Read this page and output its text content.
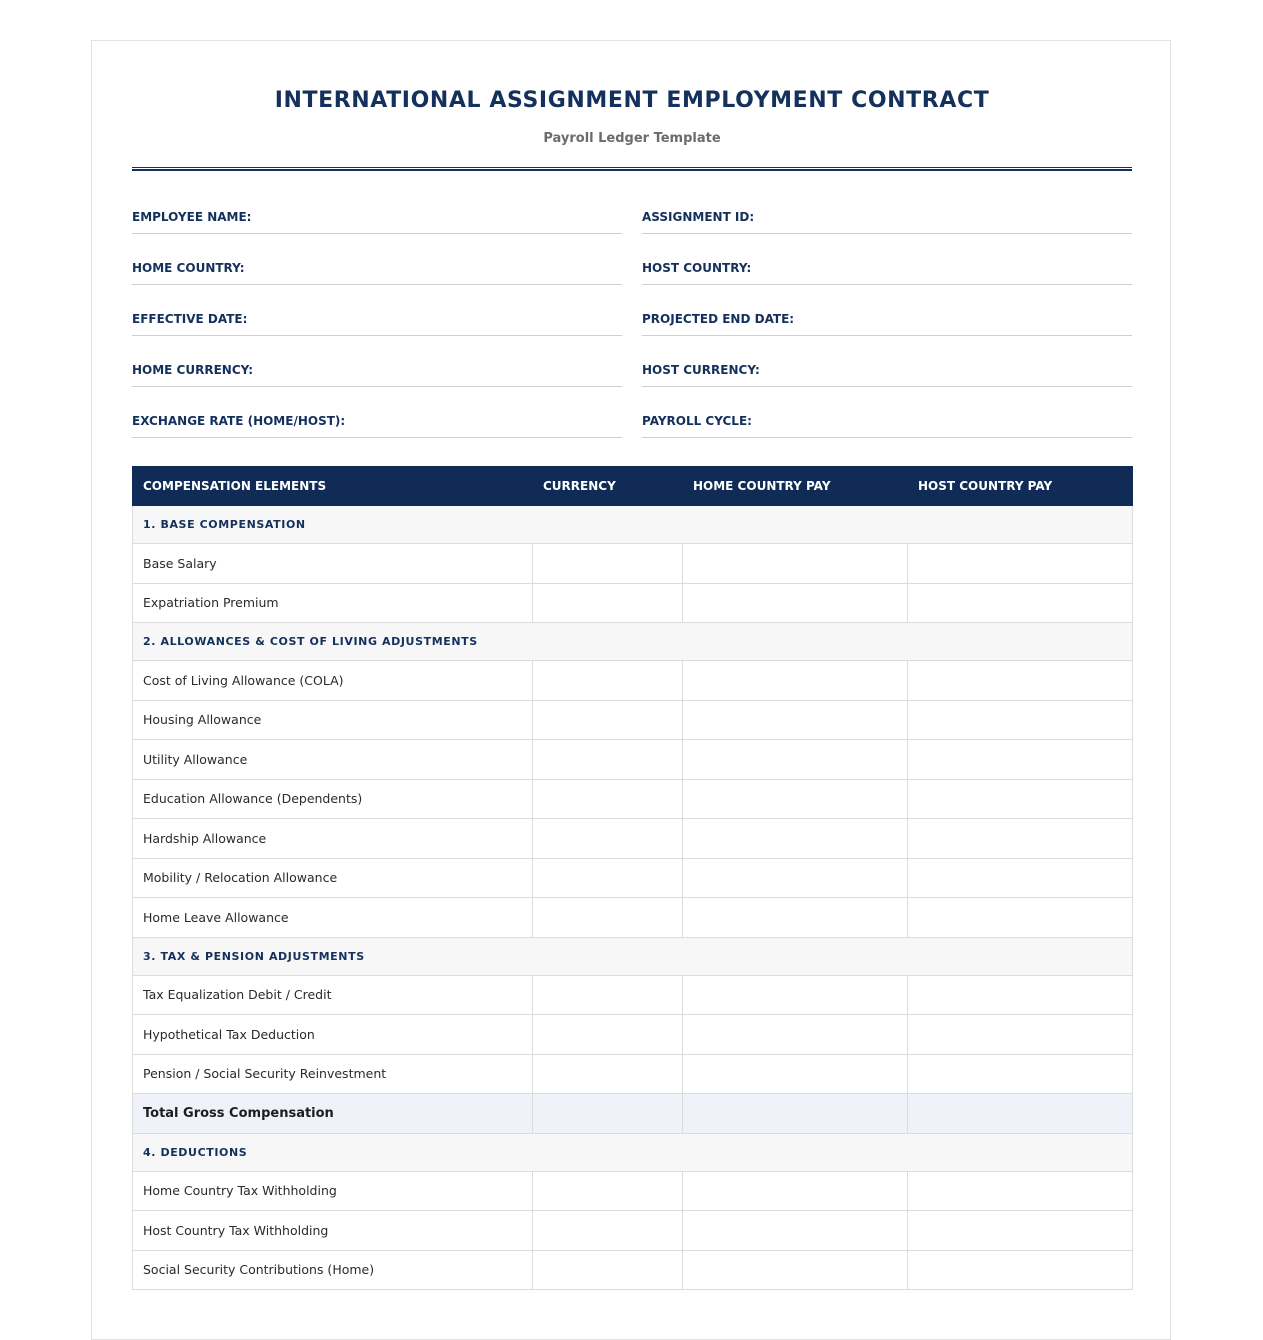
INTERNATIONAL ASSIGNMENT EMPLOYMENT CONTRACT
Payroll Ledger Template
EMPLOYEE NAME:	ASSIGNMENT ID:
HOME COUNTRY:	HOST COUNTRY:
EFFECTIVE DATE:	PROJECTED END DATE:
HOME CURRENCY:	HOST CURRENCY:
EXCHANGE RATE (HOME/HOST):	PAYROLL CYCLE:
COMPENSATION ELEMENTS	CURRENCY	HOME COUNTRY PAY	HOST COUNTRY PAY
1. BASE COMPENSATION			
Base Salary			
Expatriation Premium			
2. ALLOWANCES & COST OF LIVING ADJUSTMENTS			
Cost of Living Allowance (COLA)			
Housing Allowance			
Utility Allowance			
Education Allowance (Dependents)			
Hardship Allowance			
Mobility / Relocation Allowance			
Home Leave Allowance			
3. TAX & PENSION ADJUSTMENTS			
Tax Equalization Debit / Credit			
Hypothetical Tax Deduction			
Pension / Social Security Reinvestment			
Total Gross Compensation			
4. DEDUCTIONS			
Home Country Tax Withholding			
Host Country Tax Withholding			
Social Security Contributions (Home)			
